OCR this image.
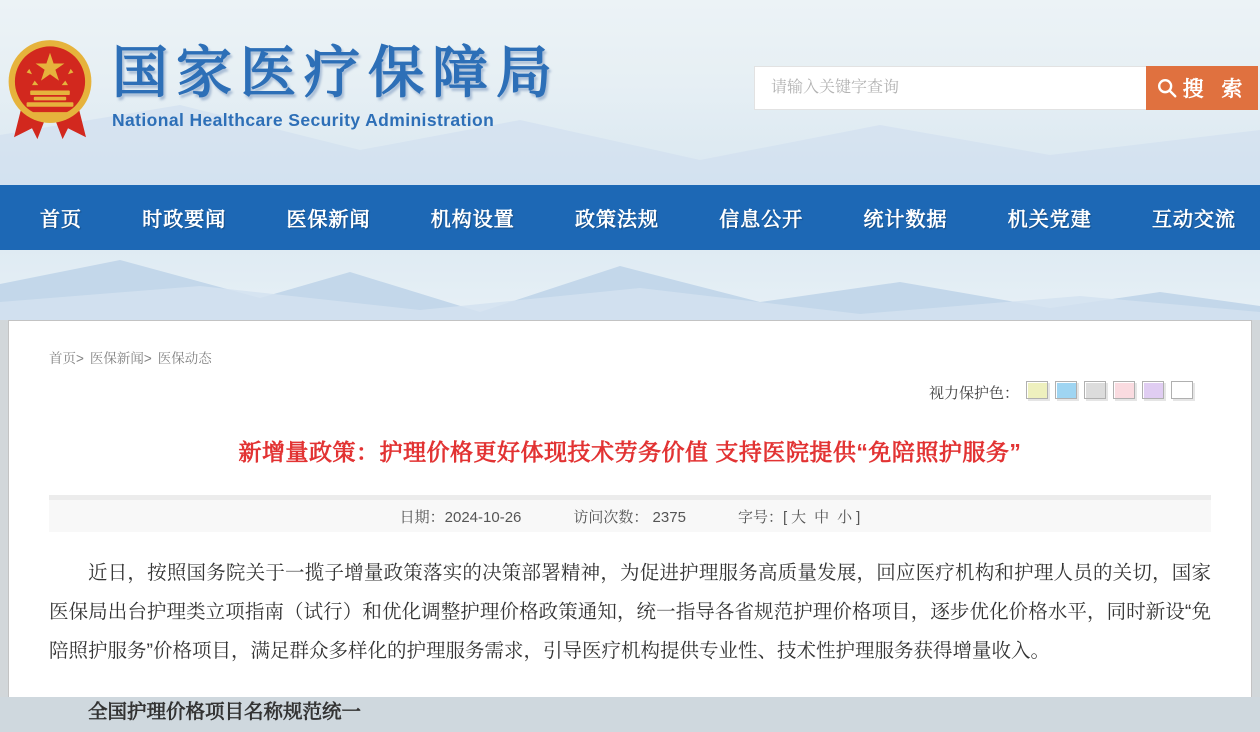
国家医疗保障局
National Healthcare Security Administration
请输入关键字查询
搜 索
首页	时政要闻	医保新闻	机构设置	政策法规	信息公开	统计数据	机关党建	互动交流
首页> 医保新闻> 医保动态
视力保护色：
新增量政策：护理价格更好体现技术劳务价值 支持医院提供“免陪照护服务”
日期：2024-10-26	访问次数： 2375	字号：[ 大 中 小 ]

近日，按照国务院关于一揽子增量政策落实的决策部署精神，为促进护理服务高质量发展，回应医疗机构和护理人员的关切，国家医保局出台护理类立项指南（试行）和优化调整护理价格政策通知，统一指导各省规范护理价格项目，逐步优化价格水平，同时新设“免陪照护服务”价格项目，满足群众多样化的护理服务需求，引导医疗机构提供专业性、技术性护理服务获得增量收入。

全国护理价格项目名称规范统一
